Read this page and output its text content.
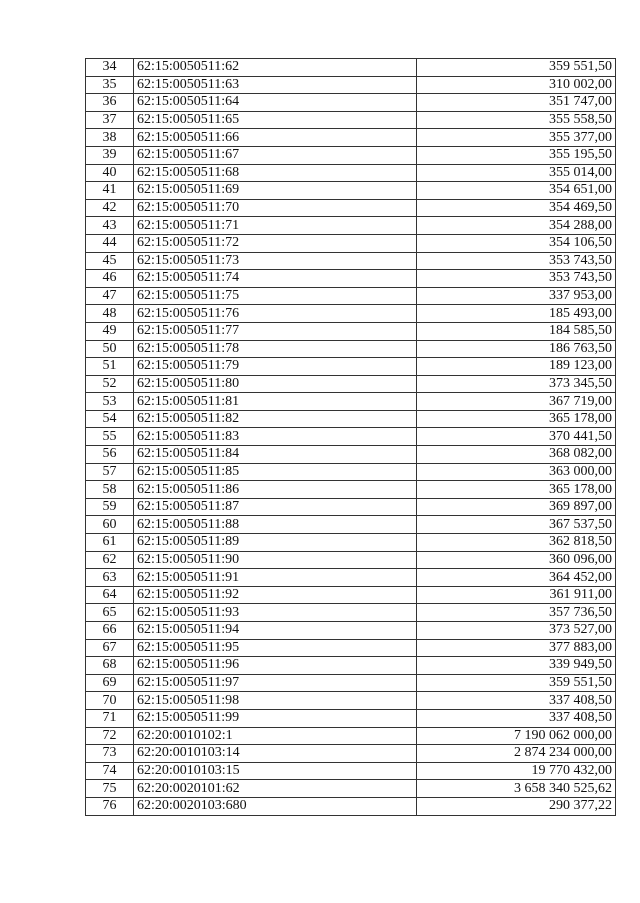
34	62:15:0050511:62	359 551,50
35	62:15:0050511:63	310 002,00
36	62:15:0050511:64	351 747,00
37	62:15:0050511:65	355 558,50
38	62:15:0050511:66	355 377,00
39	62:15:0050511:67	355 195,50
40	62:15:0050511:68	355 014,00
41	62:15:0050511:69	354 651,00
42	62:15:0050511:70	354 469,50
43	62:15:0050511:71	354 288,00
44	62:15:0050511:72	354 106,50
45	62:15:0050511:73	353 743,50
46	62:15:0050511:74	353 743,50
47	62:15:0050511:75	337 953,00
48	62:15:0050511:76	185 493,00
49	62:15:0050511:77	184 585,50
50	62:15:0050511:78	186 763,50
51	62:15:0050511:79	189 123,00
52	62:15:0050511:80	373 345,50
53	62:15:0050511:81	367 719,00
54	62:15:0050511:82	365 178,00
55	62:15:0050511:83	370 441,50
56	62:15:0050511:84	368 082,00
57	62:15:0050511:85	363 000,00
58	62:15:0050511:86	365 178,00
59	62:15:0050511:87	369 897,00
60	62:15:0050511:88	367 537,50
61	62:15:0050511:89	362 818,50
62	62:15:0050511:90	360 096,00
63	62:15:0050511:91	364 452,00
64	62:15:0050511:92	361 911,00
65	62:15:0050511:93	357 736,50
66	62:15:0050511:94	373 527,00
67	62:15:0050511:95	377 883,00
68	62:15:0050511:96	339 949,50
69	62:15:0050511:97	359 551,50
70	62:15:0050511:98	337 408,50
71	62:15:0050511:99	337 408,50
72	62:20:0010102:1	7 190 062 000,00
73	62:20:0010103:14	2 874 234 000,00
74	62:20:0010103:15	19 770 432,00
75	62:20:0020101:62	3 658 340 525,62
76	62:20:0020103:680	290 377,22
